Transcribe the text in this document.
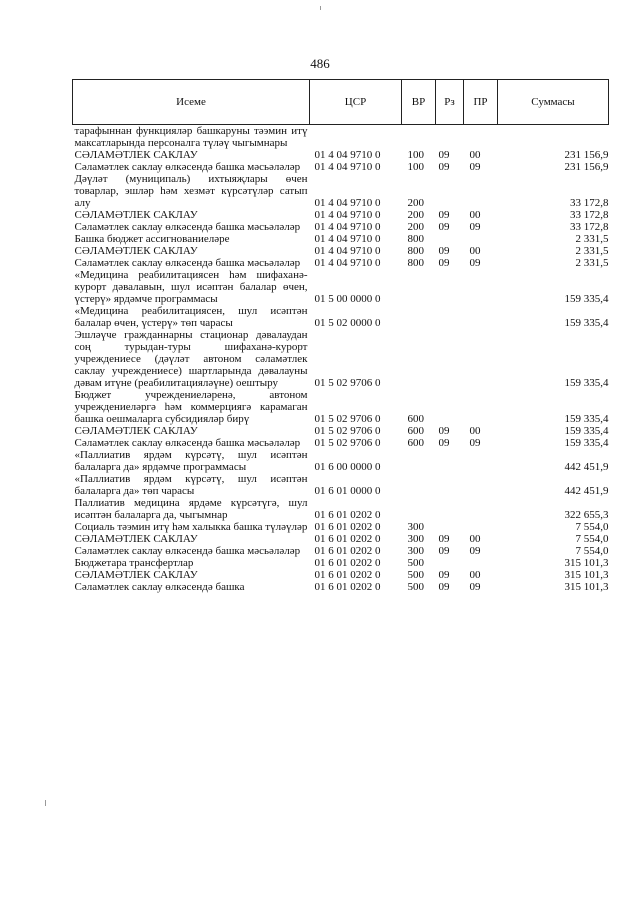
486
Исеме	ЦСР	ВР	Рз	ПР	Суммасы
тарафыннан функцияләр башкаруны тәэмин итү максатларында персоналга түләү чыгымнары					
СӘЛАМӘТЛЕК САКЛАУ	01 4 04 9710 0	100	09	00	231 156,9
Сәламәтлек саклау өлкәсендә башка мәсьәләләр	01 4 04 9710 0	100	09	09	231 156,9
Дәүләт (муниципаль) ихтыяҗлары өчен товарлар, эшләр һәм хезмәт күрсәтүләр сатып алу	01 4 04 9710 0	200			33 172,8
СӘЛАМӘТЛЕК САКЛАУ	01 4 04 9710 0	200	09	00	33 172,8
Сәламәтлек саклау өлкәсендә башка мәсьәләләр	01 4 04 9710 0	200	09	09	33 172,8
Башка бюджет ассигнованиеләре	01 4 04 9710 0	800			2 331,5
СӘЛАМӘТЛЕК САКЛАУ	01 4 04 9710 0	800	09	00	2 331,5
Сәламәтлек саклау өлкәсендә башка мәсьәләләр	01 4 04 9710 0	800	09	09	2 331,5
«Медицина реабилитациясен һәм шифаханә-курорт дәвалавын, шул исәптән балалар өчен, үстерү» ярдәмче программасы	01 5 00 0000 0				159 335,4
«Медицина реабилитациясен, шул исәптән балалар өчен, үстерү» төп чарасы	01 5 02 0000 0				159 335,4
Эшләүче гражданнарны стационар дәвалаудан соң турыдан-туры шифаханә-курорт учреждениесе (дәүләт автоном сәламәтлек саклау учреждениесе) шартларында дәвалауны дәвам итүне (реабилитацияләүне) оештыру	01 5 02 9706 0				159 335,4
Бюджет учреждениеләренә, автоном учреждениеләргә һәм коммерциягә карамаган башка оешмаларга субсидияләр бирү	01 5 02 9706 0	600			159 335,4
СӘЛАМӘТЛЕК САКЛАУ	01 5 02 9706 0	600	09	00	159 335,4
Сәламәтлек саклау өлкәсендә башка мәсьәләләр	01 5 02 9706 0	600	09	09	159 335,4
«Паллиатив ярдәм күрсәтү, шул исәптән балаларга да» ярдәмче программасы	01 6 00 0000 0				442 451,9
«Паллиатив ярдәм күрсәтү, шул исәптән балаларга да» төп чарасы	01 6 01 0000 0				442 451,9
Паллиатив медицина ярдәме күрсәтүгә, шул исәптән балаларга да, чыгымнар	01 6 01 0202 0				322 655,3
Социаль тәэмин итү һәм халыкка башка түләүләр	01 6 01 0202 0	300			7 554,0
СӘЛАМӘТЛЕК САКЛАУ	01 6 01 0202 0	300	09	00	7 554,0
Сәламәтлек саклау өлкәсендә башка мәсьәләләр	01 6 01 0202 0	300	09	09	7 554,0
Бюджетара трансфертлар	01 6 01 0202 0	500			315 101,3
СӘЛАМӘТЛЕК САКЛАУ	01 6 01 0202 0	500	09	00	315 101,3
Сәламәтлек саклау өлкәсендә башка	01 6 01 0202 0	500	09	09	315 101,3
